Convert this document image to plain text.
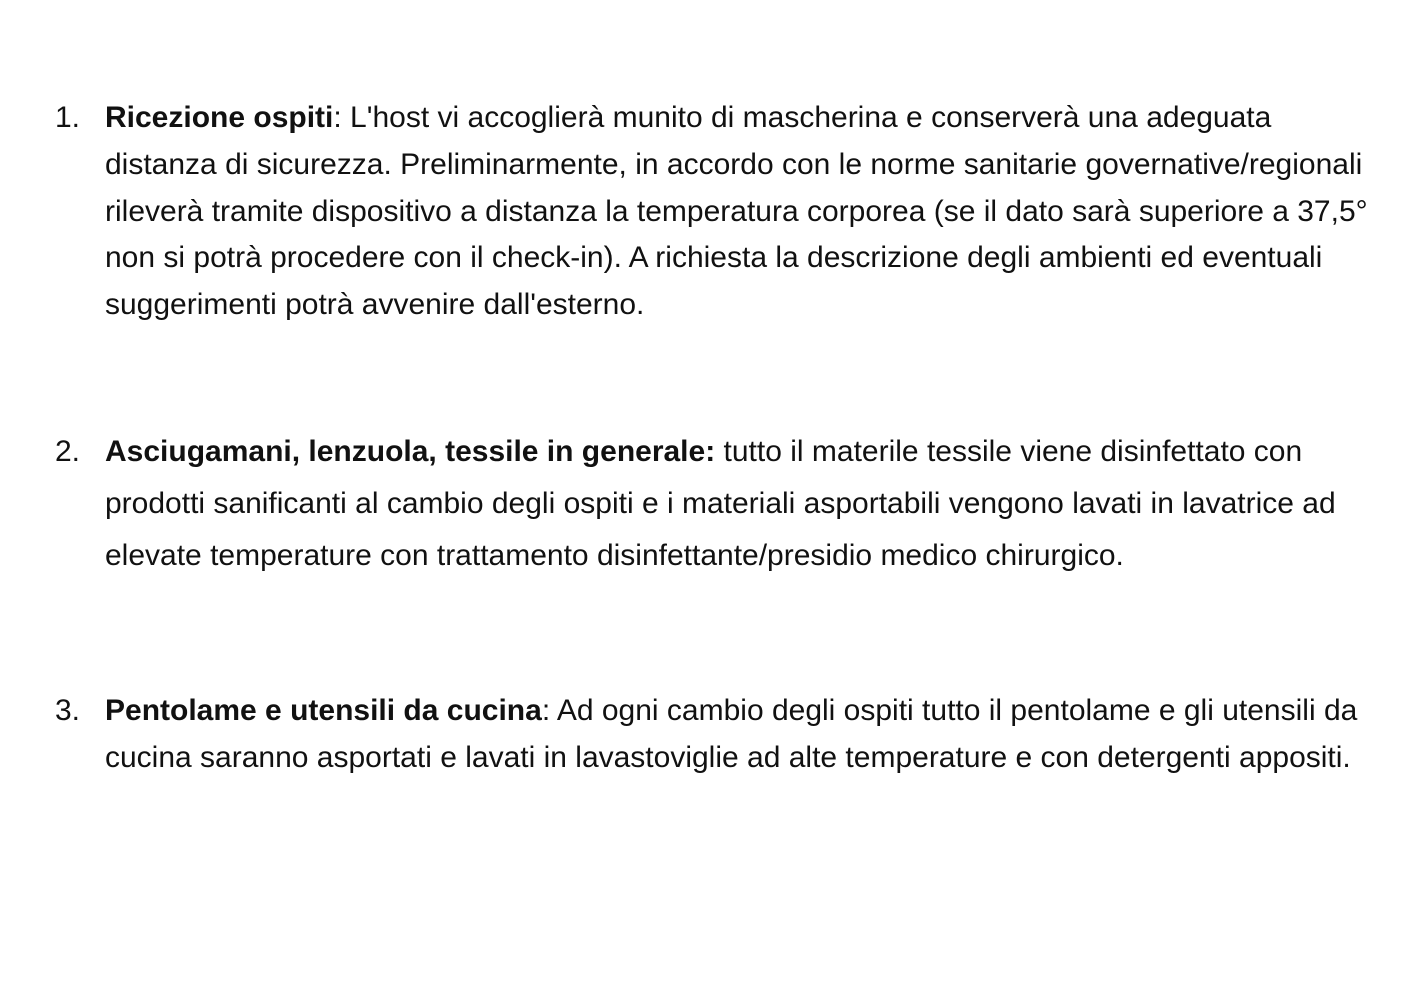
1. Ricezione ospiti: L'host vi accoglierà munito di mascherina e conserverà una adeguata distanza di sicurezza. Preliminarmente, in accordo con le norme sanitarie governative/regionali rileverà tramite dispositivo a distanza la temperatura corporea (se il dato sarà superiore a 37,5° non si potrà procedere con il check-in). A richiesta la descrizione degli ambienti ed eventuali suggerimenti potrà avvenire dall'esterno.
2. Asciugamani, lenzuola, tessile in generale: tutto il materile tessile viene disinfettato con prodotti sanificanti al cambio degli ospiti e i materiali asportabili vengono lavati in lavatrice ad elevate temperature con trattamento disinfettante/presidio medico chirurgico.
3. Pentolame e utensili da cucina: Ad ogni cambio degli ospiti tutto il pentolame e gli utensili da cucina saranno asportati e lavati in lavastoviglie ad alte temperature e con detergenti appositi.
